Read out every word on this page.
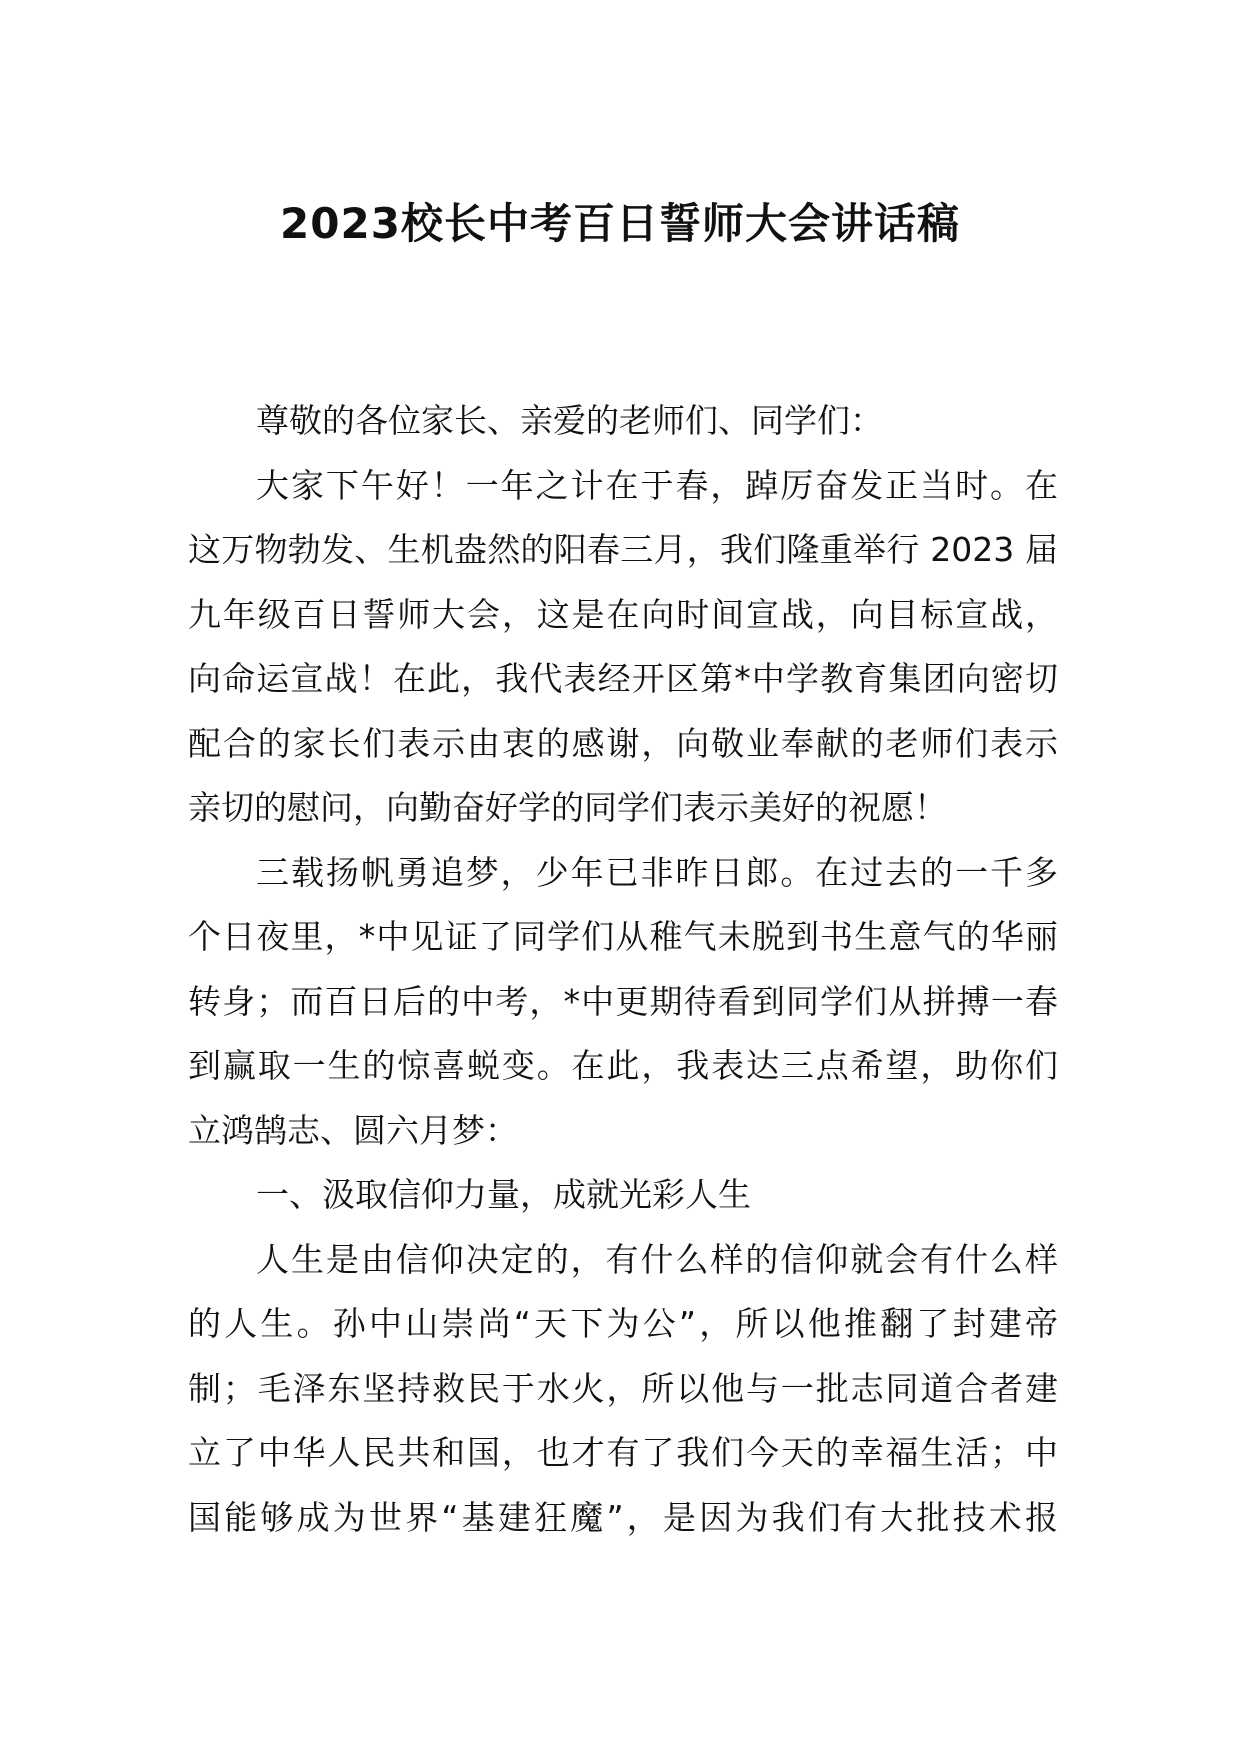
2023校长中考百日誓师大会讲话稿
尊敬的各位家长、亲爱的老师们、同学们：
大家下午好！一年之计在于春，踔厉奋发正当时。在
这万物勃发、生机盎然的阳春三月，我们隆重举行 2023 届
九年级百日誓师大会，这是在向时间宣战，向目标宣战，
向命运宣战！在此，我代表经开区第*中学教育集团向密切
配合的家长们表示由衷的感谢，向敬业奉献的老师们表示
亲切的慰问，向勤奋好学的同学们表示美好的祝愿！
三载扬帆勇追梦，少年已非昨日郎。在过去的一千多
个日夜里，*中见证了同学们从稚气未脱到书生意气的华丽
转身；而百日后的中考，*中更期待看到同学们从拼搏一春
到赢取一生的惊喜蜕变。在此，我表达三点希望，助你们
立鸿鹄志、圆六月梦：
一、汲取信仰力量，成就光彩人生
人生是由信仰决定的，有什么样的信仰就会有什么样
的人生。孙中山崇尚“天下为公”，所以他推翻了封建帝
制；毛泽东坚持救民于水火，所以他与一批志同道合者建
立了中华人民共和国，也才有了我们今天的幸福生活；中
国能够成为世界“基建狂魔”，是因为我们有大批技术报
